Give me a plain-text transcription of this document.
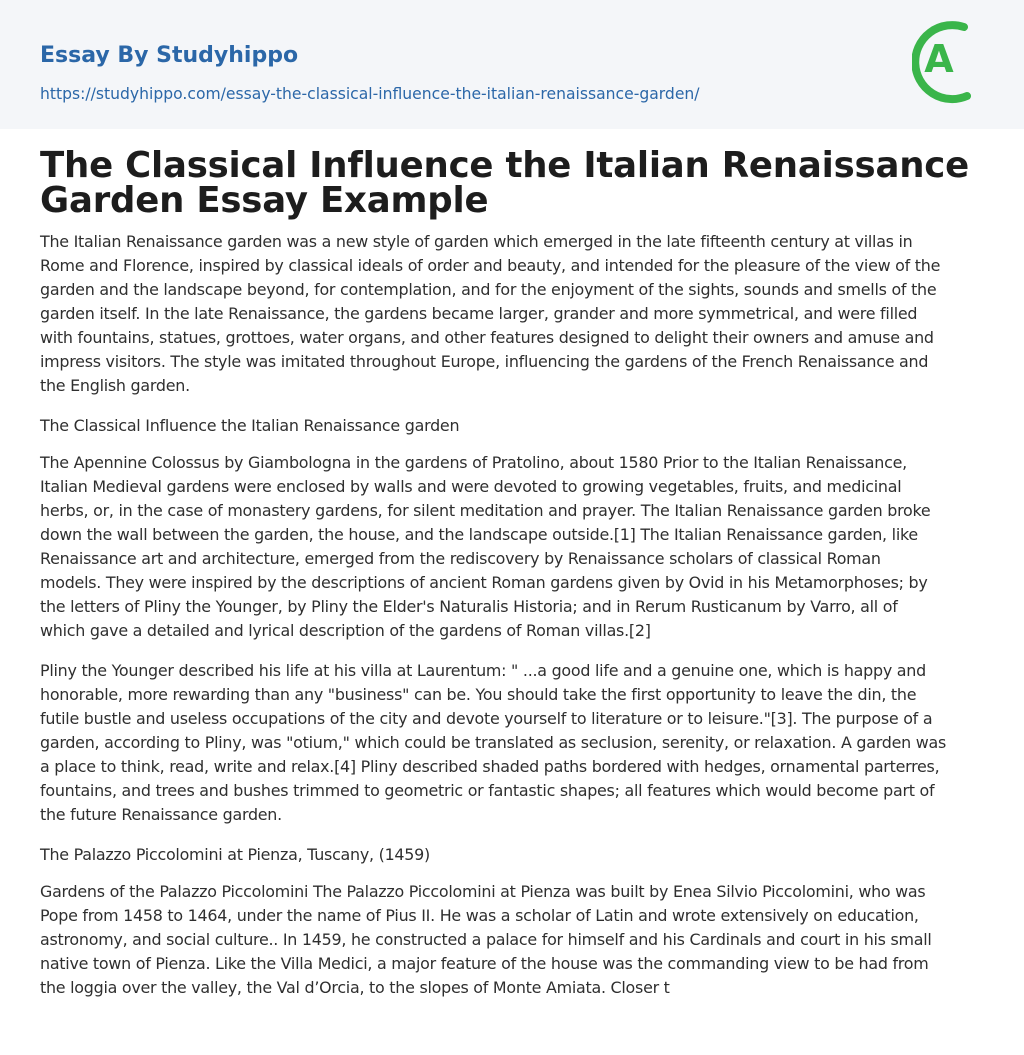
Essay By Studyhippo
https://studyhippo.com/essay-the-classical-influence-the-italian-renaissance-garden/
A
The Classical Influence the Italian Renaissance Garden Essay Example
The Italian Renaissance garden was a new style of garden which emerged in the late fifteenth century at villas in
Rome and Florence, inspired by classical ideals of order and beauty, and intended for the pleasure of the view of the
garden and the landscape beyond, for contemplation, and for the enjoyment of the sights, sounds and smells of the
garden itself. In the late Renaissance, the gardens became larger, grander and more symmetrical, and were filled
with fountains, statues, grottoes, water organs, and other features designed to delight their owners and amuse and
impress visitors. The style was imitated throughout Europe, influencing the gardens of the French Renaissance and
the English garden.

The Classical Influence the Italian Renaissance garden

The Apennine Colossus by Giambologna in the gardens of Pratolino, about 1580 Prior to the Italian Renaissance,
Italian Medieval gardens were enclosed by walls and were devoted to growing vegetables, fruits, and medicinal
herbs, or, in the case of monastery gardens, for silent meditation and prayer. The Italian Renaissance garden broke
down the wall between the garden, the house, and the landscape outside.[1] The Italian Renaissance garden, like
Renaissance art and architecture, emerged from the rediscovery by Renaissance scholars of classical Roman
models. They were inspired by the descriptions of ancient Roman gardens given by Ovid in his Metamorphoses; by
the letters of Pliny the Younger, by Pliny the Elder's Naturalis Historia; and in Rerum Rusticanum by Varro, all of
which gave a detailed and lyrical description of the gardens of Roman villas.[2]
Pliny the Younger described his life at his villa at Laurentum: " ...a good life and a genuine one, which is happy and
honorable, more rewarding than any "business" can be. You should take the first opportunity to leave the din, the
futile bustle and useless occupations of the city and devote yourself to literature or to leisure."[3]. The purpose of a
garden, according to Pliny, was "otium," which could be translated as seclusion, serenity, or relaxation. A garden was
a place to think, read, write and relax.[4] Pliny described shaded paths bordered with hedges, ornamental parterres,
fountains, and trees and bushes trimmed to geometric or fantastic shapes; all features which would become part of
the future Renaissance garden.

The Palazzo Piccolomini at Pienza, Tuscany, (1459)

Gardens of the Palazzo Piccolomini The Palazzo Piccolomini at Pienza was built by Enea Silvio Piccolomini, who was
Pope from 1458 to 1464, under the name of Pius II. He was a scholar of Latin and wrote extensively on education,
astronomy, and social culture.. In 1459, he constructed a palace for himself and his Cardinals and court in his small
native town of Pienza. Like the Villa Medici, a major feature of the house was the commanding view to be had from
the loggia over the valley, the Val d’Orcia, to the slopes of Monte Amiata. Closer t
